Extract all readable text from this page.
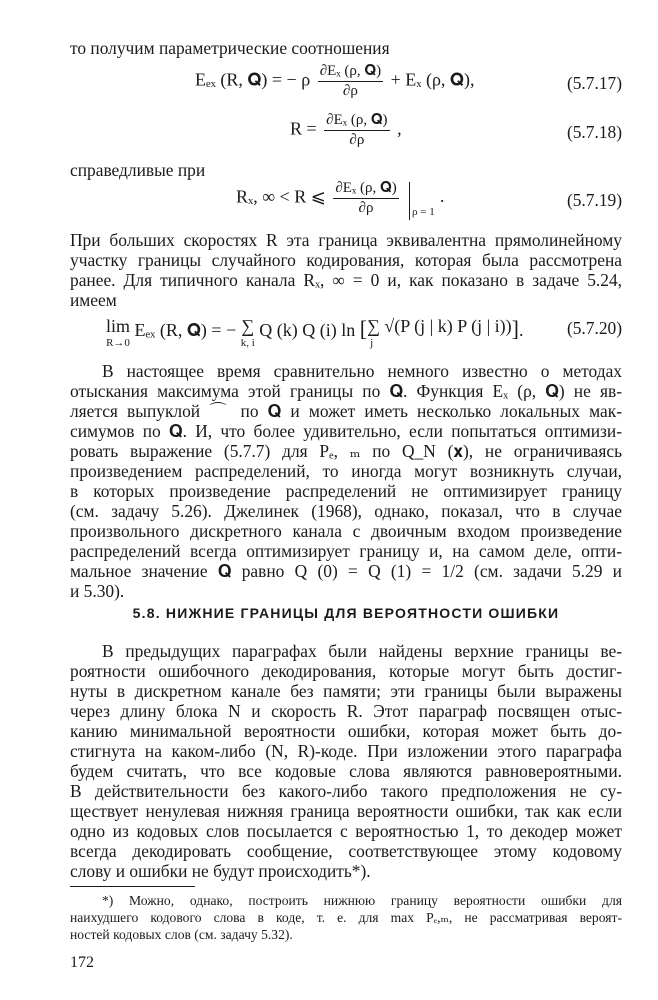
то получим параметрические соотношения
Eₑₓ (R, 𝐐) = − ρ $\frac{\text{∂Eₓ (ρ, 𝐐)}}{\partial\rho} + E_x$ (ρ, 𝐐),	(5.7.17)
$R = \frac{\text{∂Eₓ (ρ, 𝐐)}}{\partial\rho}$ ,	(5.7.18)
справедливые при
Rₓ, ∞ < R ⩽ $\frac{\text{∂Eₓ (ρ, 𝐐)}}{\partial\rho}$ ρ = 1
.	(5.7.19)
При больших скоростях R эта граница эквивалентна прямолинейному
участку границы случайного кодирования, которая была рассмотрена
ранее. Для типичного канала Rₓ, ∞ = 0 и, как показано в задаче 5.24,
имеем
lim
R→0
Eₑₓ (R, 𝐐) = − ∑
k, i
Q (k) Q (i) ln [ ∑ √(P (j | k) P (j | i))
j
].	(5.7.20)
В настоящее время сравнительно немного известно о методах
отыскания максимума этой границы по 𝐐. Функция Eₓ (ρ, 𝐐) не яв-
ляется выпуклой ⌒ по 𝐐 и может иметь несколько локальных мак-
симумов по 𝐐. И, что более удивительно, если попытаться оптимизи-
ровать выражение (5.7.7) для Pₑ, ₘ по Q_N (𝐱), не ограничиваясь
произведением распределений, то иногда могут возникнуть случаи,
в которых произведение распределений не оптимизирует границу
(см. задачу 5.26). Джелинек (1968), однако, показал, что в случае
произвольного дискретного канала с двоичным входом произведение
распределений всегда оптимизирует границу и, на самом деле, опти-
мальное значение 𝐐 равно Q (0) = Q (1) = 1/2 (см. задачи 5.29 и
и 5.30).
5.8. НИЖНИЕ ГРАНИЦЫ ДЛЯ ВЕРОЯТНОСТИ ОШИБКИ
В предыдущих параграфах были найдены верхние границы ве-
роятности ошибочного декодирования, которые могут быть достиг-
нуты в дискретном канале без памяти; эти границы были выражены
через длину блока N и скорость R. Этот параграф посвящен отыс-
канию минимальной вероятности ошибки, которая может быть до-
стигнута на каком-либо (N, R)-коде. При изложении этого параграфа
будем считать, что все кодовые слова являются равновероятными.
В действительности без какого-либо такого предположения не су-
ществует ненулевая нижняя граница вероятности ошибки, так как если
одно из кодовых слов посылается с вероятностью 1, то декодер может
всегда декодировать сообщение, соответствующее этому кодовому
слову и ошибки не будут происходить*).
*) Можно, однако, построить нижнюю границу вероятности ошибки для
наихудшего кодового слова в коде, т. е. для max Pₑ,ₘ, не рассматривая вероят-
ностей кодовых слов (см. задачу 5.32).
172
